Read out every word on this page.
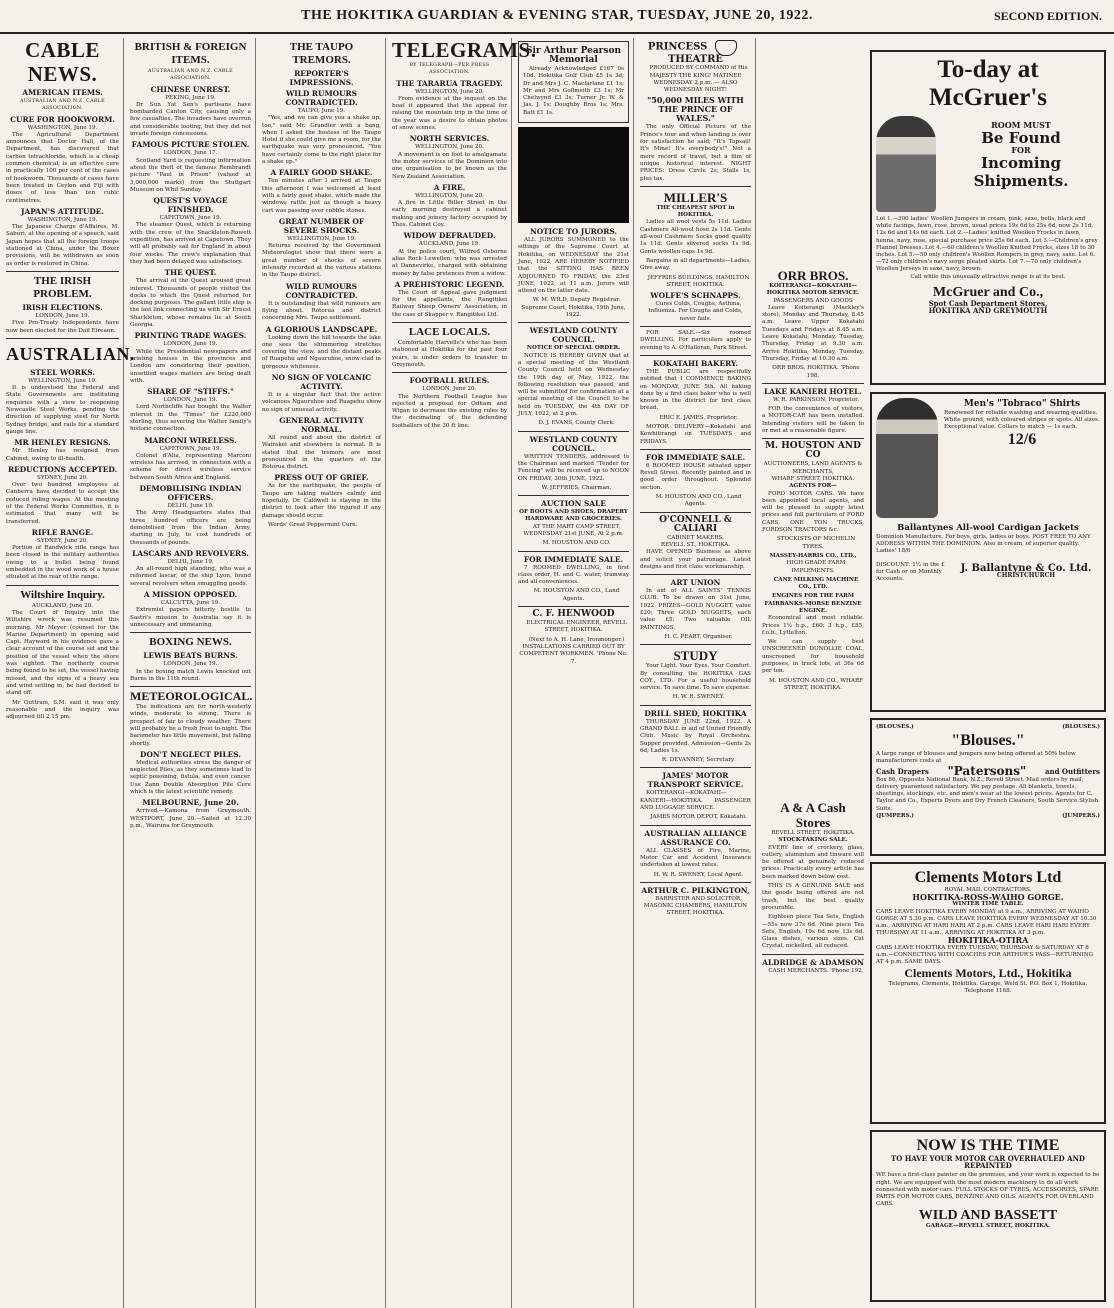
THE HOKITIKA GUARDIAN & EVENING STAR, TUESDAY, JUNE 20, 1922.	SECOND EDITION.
CABLE NEWS.
AMERICAN ITEMS.
AUSTRALIAN AND N.Z. CABLE ASSOCIATION.
CURE FOR HOOKWORM.
WASHINGTON, June 19.

The Agricultural Department announces that Doctor Hall, of the Department, has discovered that carbon tetrachloride, which is a cheap common chemical, is an effective cure in practically 100 per cent of the cases of hookworm. Thousands of cases have been treated in Ceylon and Fiji with doses of less than ten cubic centimetres.

JAPAN'S ATTITUDE.
WASHINGTON, June 19.

The Japanese Charge d'Affaires, M. Saburi, at the opening of a speech, said Japan hopes that all the foreign troops stationed at China, under the Boxer provisions, will be withdrawn as soon as order is restored in China.

THE IRISH PROBLEM.
IRISH ELECTIONS.
LONDON, June 19.

Five Pro-Treaty Independents have now been elected for the Dail Eireann.

AUSTRALIAN.
STEEL WORKS.
WELLINGTON, June 19.

It is understood the Federal and State Governments are instituting enquiries with a view to reopening Newcastle Steel Works, pending the direction of supplying steel for North Sydney bridge, and rails for a standard gauge line.

MR HENLEY RESIGNS.

Mr Henley has resigned from Cabinet, owing to ill-health.

REDUCTIONS ACCEPTED.
SYDNEY, June 20.

Over two hundred employees at Canberra have decided to accept the reduced ruling wages. At the meeting of the Federal Works Committee, it is estimated that many will be transferred.

RIFLE RANGE.
SYDNEY, June 20.

Portion of Randwick rifle range has been closed in the military authorities owing to a bullet being found embedded in the wood work of a house situated at the rear of the range.

Wiltshire Inquiry.
AUCKLAND, June 20.

The Court of Inquiry into the Wiltshire wreck was resumed this morning. Mr Meyer (counsel for the Marine Department) in opening said Capt. Hayward in his evidence gave a clear account of the course set and the position of the vessel when the shore was sighted. The northerly course being found to be set, the vessel having missed, and the signs of a heavy sea and wind setting in, he had decided to stand off.

Mr Outtram, S.M. said it was only reasonable and the inquiry was adjourned till 2.15 pm.

BRITISH & FOREIGN ITEMS.
AUSTRALIAN AND N.Z. CABLE ASSOCIATION.
CHINESE UNREST.
PEKING, June 19.

Dr Sun Yat Sen's partisans have bombarded Canton City, causing only a few casualties. The invaders have overrun and considerable looting, but they did not invade foreign concessions.

FAMOUS PICTURE STOLEN.
LONDON, June 17.

Scotland Yard is requesting information about the theft of the famous Rembrandt picture "Paul in Prison" (valued at 3,000,000 marks) from the Stuttgart Museum on Whit Sunday.

QUEST'S VOYAGE FINISHED.
CAPETOWN, June 19.

The steamer Quest, which is returning with the crew of the Shackleton-Rowett expedition, has arrived at Capetown. They will all probably sail for England in about four weeks. The crew's explanation that they had been delayed was satisfactory.

THE QUEST.

The arrival of the Quest aroused great interest. Thousands of people visited the docks to which the Quest returned for docking purposes. The gallant little ship is the last link connecting us with Sir Ernest Shackleton, whose remains lie at South Georgia.

PRINTING TRADE WAGES.
LONDON, June 19.

While the Presidential newspapers and printing houses in the provinces and London are considering their position, unsettled wages matters are being dealt with.

SHARE OF "STIFFS."
LONDON, June 19.

Lord Northcliffe has bought the Walter interest in the "Times" for £220,000 sterling, thus severing the Walter family's historic connection.

MARCONI WIRELESS.
CAPETOWN, June 19.

Colonel d'Alia, representing Marconi wireless has arrived, in connection with a scheme for direct wireless service between South Africa and England.

DEMOBILISING INDIAN OFFICERS.
DELHI, June 19.

The Army Headquarters states that three hundred officers are being demobilised from the Indian Army, starting in July, to cost hundreds of thousands of pounds.

LASCARS AND REVOLVERS.
DELHI, June 19.

An all-round high standing, who was a reformed lascar, of the ship Lyon, found several revolvers when smuggling goods.

A MISSION OPPOSED.
CALCUTTA, June 19.

Extremist papers bitterly hostile to Sastri's mission to Australia say it is unnecessary and unmeaning.

BOXING NEWS.
LEWIS BEATS BURNS.
LONDON, June 19.

In the boxing match Lewis knocked out Burns in the 11th round.

METEOROLOGICAL.

The indications are for north-westerly winds, moderate to strong. There is prospect of fair to cloudy weather. There will probably be a fresh frost to-night. The barometer has little movement, but falling shortly.

DON'T NEGLECT PILES.

Medical authorities stress the danger of neglected Piles, as they sometimes lead to septic poisoning, fistula, and even cancer. Use Zann Double Absorption Pile Cure which is the latest scientific remedy.

MELBOURNE, June 20.

Arrived.—Kamona from Greymouth. WESTPORT, June 20.—Sailed at 12.30 p.m., Wairuna for Greymouth.

THE TAUPO TREMORS.
REPORTER'S IMPRESSIONS.
WILD RUMOURS CONTRADICTED.
TAUPO, June 19.

"Yes, and we can give you a shake up, too," said Mr. Grandier with a bang, when I asked the hostess of the Taupo Hotel if she could give me a room, for the earthquake was very pronounced. "You have certainly come to the right place for a shake up."

A FAIRLY GOOD SHAKE.

Ten minutes after I arrived at Taupo this afternoon I was welcomed at least with a fairly good shake, which made the windows rattle just as though a heavy cart was passing over cobble stones.

GREAT NUMBER OF SEVERE SHOCKS.
WELLINGTON, June 19.

Returns received by the Government Meteorologist show that there were a great number of shocks of severe intensity recorded at the various stations in the Taupo district.

WILD RUMOURS CONTRADICTED.

It is outstanding that wild rumours are flying about. Rotorua and district concerning Mrs. Taupo settlement.

A GLORIOUS LANDSCAPE.

Looking down the hill towards the lake one sees the shimmering stretches covering the view, and the distant peaks of Ruapehu and Ngauruhoe, snow-clad in gorgeous whiteness.

NO SIGN OF VOLCANIC ACTIVITY.

It is a singular fact that the active volcanoes Ngauruhoe and Ruapehu show no sign of unusual activity.

GENERAL ACTIVITY NORMAL.

All round and about the district of Wairakei and elsewhere is normal. It is stated that the tremors are most pronounced in the quarters of the Rotorua district.

PRESS OUT OF GRIEF.

As for the earthquake, the people of Taupo are taking matters calmly and hopefully. Dr. Caldwell is staying in the district to look after the injured if any damage should occur.

Words' Great Peppermint Cure.

TELEGRAMS.
BY TELEGRAPH—PER PRESS ASSOCIATION.
THE TARARUA TRAGEDY.
WELLINGTON, June 20.

From evidence at the inquest on the boat it appeared that the appeal for raising the mountain trip in the time of the year was a desire to obtain photos of snow scenes.

NORTH SERVICES.
WELLINGTON, June 20.

A movement is on foot to amalgamate the motor services of the Dominion into one organisation to be known as the New Zealand Association.

A FIRE.
WELLINGTON, June 20.

A fire in Little Biller Street in the early morning destroyed a cabinet making and joinery factory occupied by Thos. Cabinet Coy.

WIDOW DEFRAUDED.
AUCKLAND, June 19.

At the police court, Wilfred Osborne alias Rock Lewellen, who was arrested at Dannevirke, charged with obtaining money by false pretences from a widow.

A PREHISTORIC LEGEND.

The Court of Appeal gave judgment for the appellants, the Rangitikei Railway Sheep Owners' Association, in the case of Skapper v. Rangitikei Ltd.

LACE LOCALS.

Comfortable Harvelle's who has been stationed at Hokitika for the past four years, is under orders to transfer to Greymouth.

FOOTBALL RULES.
LONDON, June 20.

The Northern Football League has rejected a proposal for Odham and Wigan to decrease the existing rules by the decimating of the defending footballers of the 30 ft line.

Sir Arthur Pearson Memorial

Already Acknowledged £167 0s 10d. Hokitika Golf Club £5 1s 3d; Dr and Mrs J. C. Macfarlane £1 1s; Mr and Mrs Gollmeith £3 1s; Mr Chelwynd £3 3s; Turner Jr. W. & Jas. J. 1s; Doughby Bros 1s; Mrs. Batt £1 1s.

NOTICE TO JURORS.

ALL JURORS SUMMONED to the sittings of the Supreme Court at Hokitika, on WEDNESDAY the 21st June, 1922, ARE HEREBY NOTIFIED that the SITTING HAS BEEN ADJOURNED TO FRIDAY, the 23rd JUNE, 1922, at 11 a.m. Jurors will attend on the latter date.

W. M. WILD, Deputy Registrar. Supreme Court, Hokitika, 19th June, 1922.

WESTLAND COUNTY COUNCIL.
NOTICE OF SPECIAL ORDER.

NOTICE IS HEREBY GIVEN that at a special meeting of the Westland County Council held on Wednesday the 19th day of May, 1922, the following resolution was passed, and will be submitted for confirmation at a special meeting of the Council to be held on TUESDAY, the 4th DAY OF JULY, 1922, at 2 p.m.

D. J. EVANS, County Clerk.

WESTLAND COUNTY COUNCIL.

WRITTEN TENDERS, addressed to the Chairman and marked "Tender for Fencing" will be received up to NOON ON FRIDAY, 30th JUNE, 1922.

W. JEFFRIES, Chairman.

AUCTION SALE
OF BOOTS AND SHOES, DRAPERY HARDWARE AND GROCERIES.

AT THE MART CAMP STREET, WEDNESDAY 21st JUNE, At 2 p.m.

M. HOUSTON AND CO.

FOR IMMEDIATE SALE.

7 ROOMED DWELLING, in first class order, H. and C. water, tramway and all conveniences.

M. HOUSTON AND CO., Land Agents.

C. F. HENWOOD

ELECTRICAL ENGINEER, REVELL STREET, HOKITIKA.

(Next to A. H. Lane, Ironmonger.) INSTALLATIONS CARRIED OUT BY COMPETENT WORKMEN. 'Phone No. 7.

PRINCESS  THEATRE

PRODUCED BY COMMAND of His MAJESTY THE KING! MATINEE WEDNESDAY 2 p.m. — ALSO WEDNESDAY NIGHT!

"50,000 MILES WITH THE PRINCE OF WALES."

The only Official Picture of the Prince's tour and when landing is over for satisfaction he said; "It's Topsail! It's Mine! It's everybody's!" Not a mere record of travel, but a film of unique historical interest. NIGHT PRICES: Dress Circle 2s; Stalls 1s, plus tax.

MILLER'S
THE CHEAPEST SPOT in HOKITIKA.

Ladies all wool vests 5s 11d. Ladies Cashmere All-wool hose 2s 11d. Gents all-wool Cashmere Socks good quality 1s 11d. Gents silvered socks 1s 9d. Gents woollen caps 1s 9d.

Bargains in all departments—Ladies. Give away.

JEFFRIES BUILDINGS, HAMILTON STREET, HOKITIKA.

WOLFE'S SCHNAPPS.

Cures Colds, Coughs, Asthma, Influenza. For Coughs and Colds, never fails.

FOR SALE.—Six roomed DWELLING. For particulars apply to evening to A. O'Halloran, Park Street.

KOKATAHI BAKERY.

THE PUBLIC are respectfully notified that I COMMENCE BAKING on MONDAY, JUNE 5th. All baking done by a first class baker who is well known in the district for first class bread.

ERIC E. JAMES, Proprietor.

MOTOR DELIVERY—Kokatahi and Kowhitirangi on TUESDAYS and FRIDAYS.

FOR IMMEDIATE SALE.

6 ROOMED HOUSE situated upper Revell Street. Recently painted and in good order throughout. Splendid section.

M. HOUSTON AND CO., Land Agents.

O'CONNELL & CALIARI
CABINET MAKERS.
REVELL ST., HOKITIKA.

HAVE OPENED Business as above and solicit your patronage. Latest designs and first class workmanship.

ART UNION

In aid of ALL SAINTS' TENNIS CLUB. To be drawn on 31st June, 1922. PRIZES—GOLD NUGGET, value £20; Three GOLD NUGGETS, each value £5; Two valuable OIL PAINTINGS.

H. C. PEART, Organiser.

STUDY

Your Light. Your Eyes. Your Comfort. By consulting the HOKITIKA GAS COY., LTD. For a useful household service. To save time. To save expense.

H. W. R. SWENEY.

DRILL SHED, HOKITIKA

THURSDAY JUNE 22nd, 1922. A GRAND BALL in aid of United Friendly Club. Music by Royal Orchestra. Supper provided. Admission—Gents 2s 6d; Ladies 1s.

R. DEVANNEY, Secretary.

JAMES' MOTOR TRANSPORT SERVICE.

KOITERANGI—KOKATAHI—KANIERI—HOKITIKA. PASSENGER AND LUGGAGE SERVICE.

JAMES MOTOR DEPOT, Kokatahi.

AUSTRALIAN ALLIANCE ASSURANCE CO.

ALL CLASSES of Fire, Marine, Motor Car and Accident Insurance undertaken at lowest rates.

H. W. R. SWENEY, Local Agent.

ARTHUR C. PILKINGTON,

BARRISTER AND SOLICITOR, MASONIC CHAMBERS, HAMILTON STREET, HOKITIKA.

ORR BROS.
KOITERANGI—KOKATAHI—HOKITIKA MOTOR SERVICE.
PASSENGERS AND GOODS

Leave Koiterangi (Mackley's store), Monday and Thursday, 8.45 a.m. Leave Upper Kokatahi Tuesdays and Fridays at 8.45 a.m. Leave Kokatahi, Monday, Tuesday, Thursday, Friday at 9.30 a.m. Arrive Hokitika, Monday, Tuesday, Thursday, Friday at 10.30 a.m.

ORR BROS, HOKITIKA. 'Phone 198.

LAKE KANIERI HOTEL.

W. R. PARKINSON, Proprietor.

FOR the convenience of visitors, a MOTOR-CAR has been installed. Intending visitors will be taken to or met at a reasonable figure.

M. HOUSTON AND CO
AUCTIONEERS, LAND AGENTS & MERCHANTS,
WHARF STREET, HOKITIKA.
AGENTS FOR—

FORD MOTOR CARS. We have been appointed local agents, and will be pleased to supply latest prices and full particulars of FORD CARS, ONE TON TRUCKS, FORDSON TRACTORS &c.

STOCKISTS OF MICHELIN TYRES.

MASSEY-HARRIS CO., LTD.,

HIGH GRADE FARM IMPLEMENTS.

CANE MILKING MACHINE CO., LTD.

ENGINES FOR THE FARM
FAIRBANKS-MORSE BENZINE ENGINE.

Economical and most reliable. Prices 1½ h.p., £60; 3 h.p., £85, f.o.b., Lyttelton.

We can supply best UNSCREENED DUNOLLIE COAL, unscreened for household purposes, in truck lots, at 36s 6d per ton.

M. HOUSTON AND CO., WHARF STREET, HOKITIKA.

A & A Cash Stores
REVELL STREET, HOKITIKA.
STOCK-TAKING SALE.

EVERY line of crockery, glass, cutlery, aluminium and tinware will be offered at genuinely reduced prices. Practically every article has been marked down below cost.

THIS IS A GENUINE SALE and the goods being offered are not trash, but the best quality procurable.

Eighteen piece Tea Sets, English—55s now 37s 6d. Nine piece Tea Sets, English, 19s 6d now 13s 6d. Glass dishes, various sizes. Cut Crystal, nickelled, all reduced.

ALDRIDGE & ADAMSON

CASH MERCHANTS. 'Phone 192.

To-day at McGruer's
ROOM MUST
Be Found
FOR
Incoming
Shipments.

Lot 1.—300 ladies' Woollen Jumpers in cream, pink, saxe, bells, black and white facings, fawn, rose, brown, usual prices 19s 6d to 25s 6d, now 2s 11d, 12s 6d and 14s 6d each. Lot 2.—Ladies' knitted Woollen Frocks in fawn, henna, navy, rose, special purchase price 25s 6d each. Lot 3.—Children's grey Flannel Dresses. Lot 4.—60 children's Woollen Knitted Frocks, sizes 18 to 30 inches. Lot 5.—50 only children's Woollen Rompers in grey, navy, saxe. Lot 6.—72 only children's navy serge pleated skirts. Lot 7.—70 only children's Woollen Jerseys in saxe, navy, brown.

Call while this unusually attractive range is at its best.

McGruer and Co.,
Spot Cash Department Stores,
HOKITIKA AND GREYMOUTH
Men's "Tobraco" Shirts

Renowned for reliable washing and wearing qualities. White ground, with coloured stripes or spots. All sizes. Exceptional value. Collars to match — 1s each.

12/6
Ballantynes All-wool Cardigan Jackets

Dominion Manufacture. For boys, girls, ladies or boys. POST FREE TO ANY ADDRESS WITHIN THE DOMINION. Also in cream, of superior quality. Ladies' 18/6

DISCOUNT: 1½ in the £ for Cash or on Monthly Accounts.
J. Ballantyne & Co. Ltd.
CHRISTCHURCH
(BLOUSES.)	(BLOUSES.)
"Blouses."

A large range of blouses and jumpers now being offered at 50% below manufacturers costs at

Cash Drapers "Patersons"	and Outfitters

Box 86, Opposite National Bank, N.Z., Revell Street. Mail orders by mail, delivery guaranteed satisfactory. We pay postage. All blankets, towels, sheetings, stockings, etc. and men's wear at the lowest prices. Agents for C. Taylor and Co., Experts Dyers and Dry French Cleaners, South Service Stylish Suits.

(JUMPERS.)	(JUMPERS.)
Clements Motors Ltd
ROYAL MAIL CONTRACTORS.
HOKITIKA-ROSS-WAIHO GORGE.
WINTER TIME TABLE.

CARS LEAVE HOKITIKA EVERY MONDAY at 9 a.m., ARRIVING AT WAIHO GORGE AT 5.30 p.m. CARS LEAVE HOKITIKA EVERY WEDNESDAY AT 10.30 a.m., ARRIVING AT HARI HARI AT 2 p.m. CARS LEAVE HARI HARI EVERY THURSDAY AT 11 a.m., ARRIVING AT HOKITIKA AT 3 p.m.

HOKITIKA-OTIRA

CARS LEAVE HOKITIKA EVERY TUESDAY, THURSDAY & SATURDAY AT 8 a.m.—CONNECTING WITH COACHES FOR ARTHUR'S PASS—RETURNING AT 4 p.m. SAME DAYS.

Clements Motors, Ltd., Hokitika

Telegrams, Clements, Hokitika. Garage, Weld St. P.O. Box 1, Hokitika. Telephone 1168.

NOW IS THE TIME
TO HAVE YOUR MOTOR CAR OVERHAULED AND REPAINTED

WE have a first-class painter on the premises, and your work is expected to be right. We are equipped with the most modern machinery to do all work connected with motor cars. FULL STOCKS OF TYRES, ACCESSORIES, SPARE PARTS FOR MOTOR CARS, BENZINE AND OILS. AGENTS FOR OVERLAND CARS.

WILD AND BASSETT
GARAGE—REVELL STREET, HOKITIKA.
